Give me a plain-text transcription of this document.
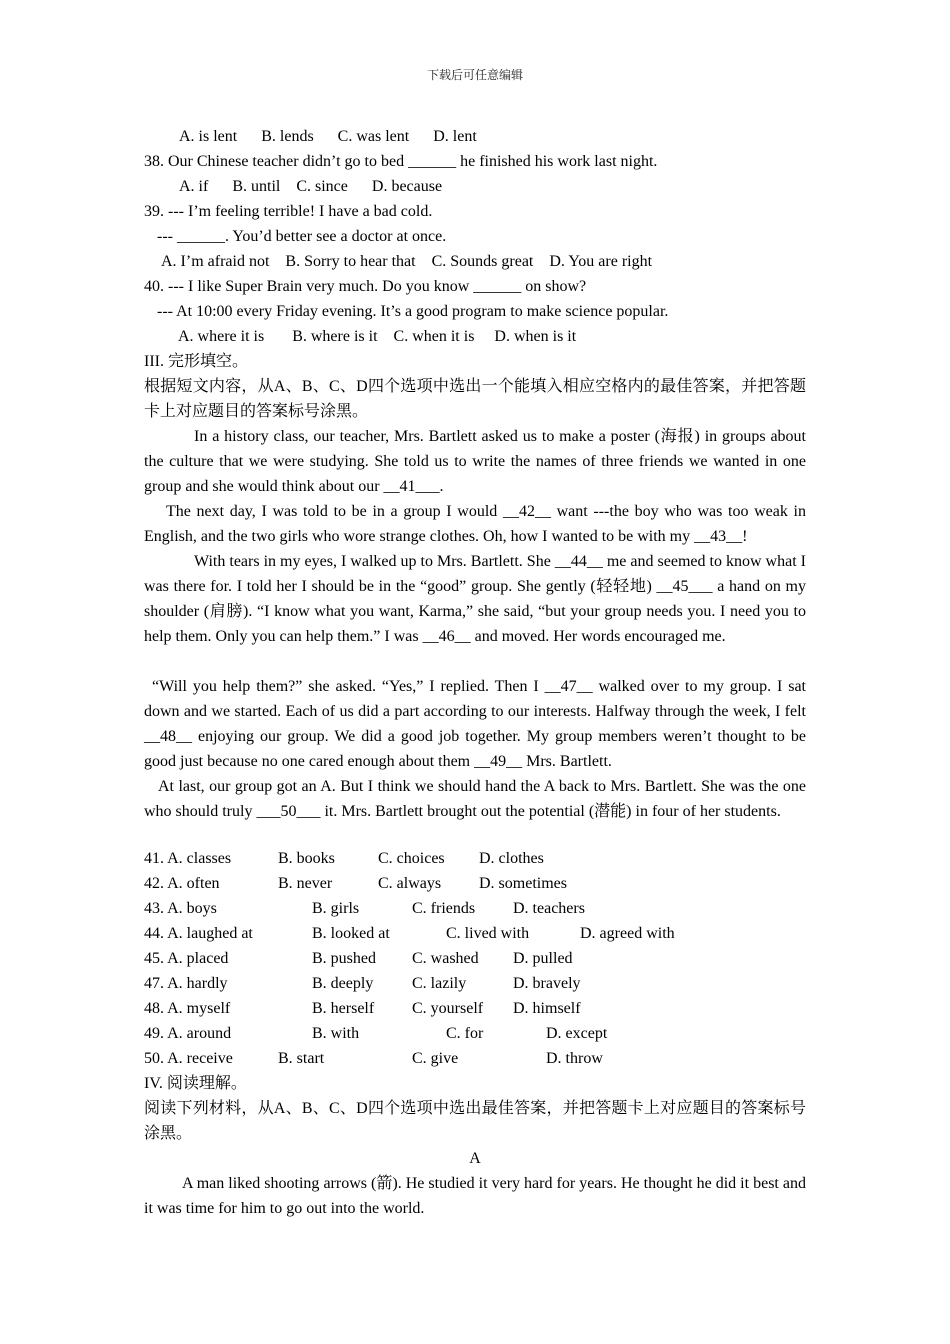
下载后可任意编辑
A. is lent      B. lends      C. was lent      D. lent
38. Our Chinese teacher didn’t go to bed ______ he finished his work last night.
A. if      B. until    C. since      D. because
39. --- I’m feeling terrible! I have a bad cold.
--- ______. You’d better see a doctor at once.
A. I’m afraid not    B. Sorry to hear that    C. Sounds great    D. You are right
40. --- I like Super Brain very much. Do you know ______ on show?
--- At 10:00 every Friday evening. It’s a good program to make science popular.
A. where it is       B. where is it    C. when it is     D. when is it
III. 完形填空。
根据短文内容，从A、B、C、D四个选项中选出一个能填入相应空格内的最佳答案，并把答题卡上对应题目的答案标号涂黑。
In a history class, our teacher, Mrs. Bartlett asked us to make a poster (海报) in groups about the culture that we were studying. She told us to write the names of three friends we wanted in one group and she would think about our __41___.
The next day, I was told to be in a group I would __42__ want ---the boy who was too weak in English, and the two girls who wore strange clothes. Oh, how I wanted to be with my __43__!
With tears in my eyes, I walked up to Mrs. Bartlett. She __44__ me and seemed to know what I was there for. I told her I should be in the “good” group. She gently (轻轻地) __45___ a hand on my shoulder (肩膀). “I know what you want, Karma,” she said, “but your group needs you. I need you to help them. Only you can help them.” I was __46__ and moved. Her words encouraged me.
“Will you help them?” she asked. “Yes,” I replied. Then I __47__ walked over to my group. I sat down and we started. Each of us did a part according to our interests. Halfway through the week, I felt __48__ enjoying our group. We did a good job together. My group members weren’t thought to be good just because no one cared enough about them __49__ Mrs. Bartlett.
At last, our group got an A. But I think we should hand the A back to Mrs. Bartlett. She was the one who should truly ___50___ it. Mrs. Bartlett brought out the potential (潜能) in four of her students.
41. A. classes	B. books	C. choices D. clothes
42. A. often	B. never	C. always D. sometimes
43. A. boys	B. girls	C. friends D. teachers
44. A. laughed at	B. looked at	C. lived with	D. agreed with
45. A. placed	B. pushed C. washed D. pulled
47. A. hardly	B. deeply C. lazily	D. bravely
48. A. myself	B. herself C. yourself D. himself
49. A. around	B. with	C. for	D. except
50. A. receive	B. start	C. give	D. throw
IV. 阅读理解。
阅读下列材料，从A、B、C、D四个选项中选出最佳答案，并把答题卡上对应题目的答案标号涂黑。
A
A man liked shooting arrows (箭). He studied it very hard for years. He thought he did it best and it was time for him to go out into the world.
